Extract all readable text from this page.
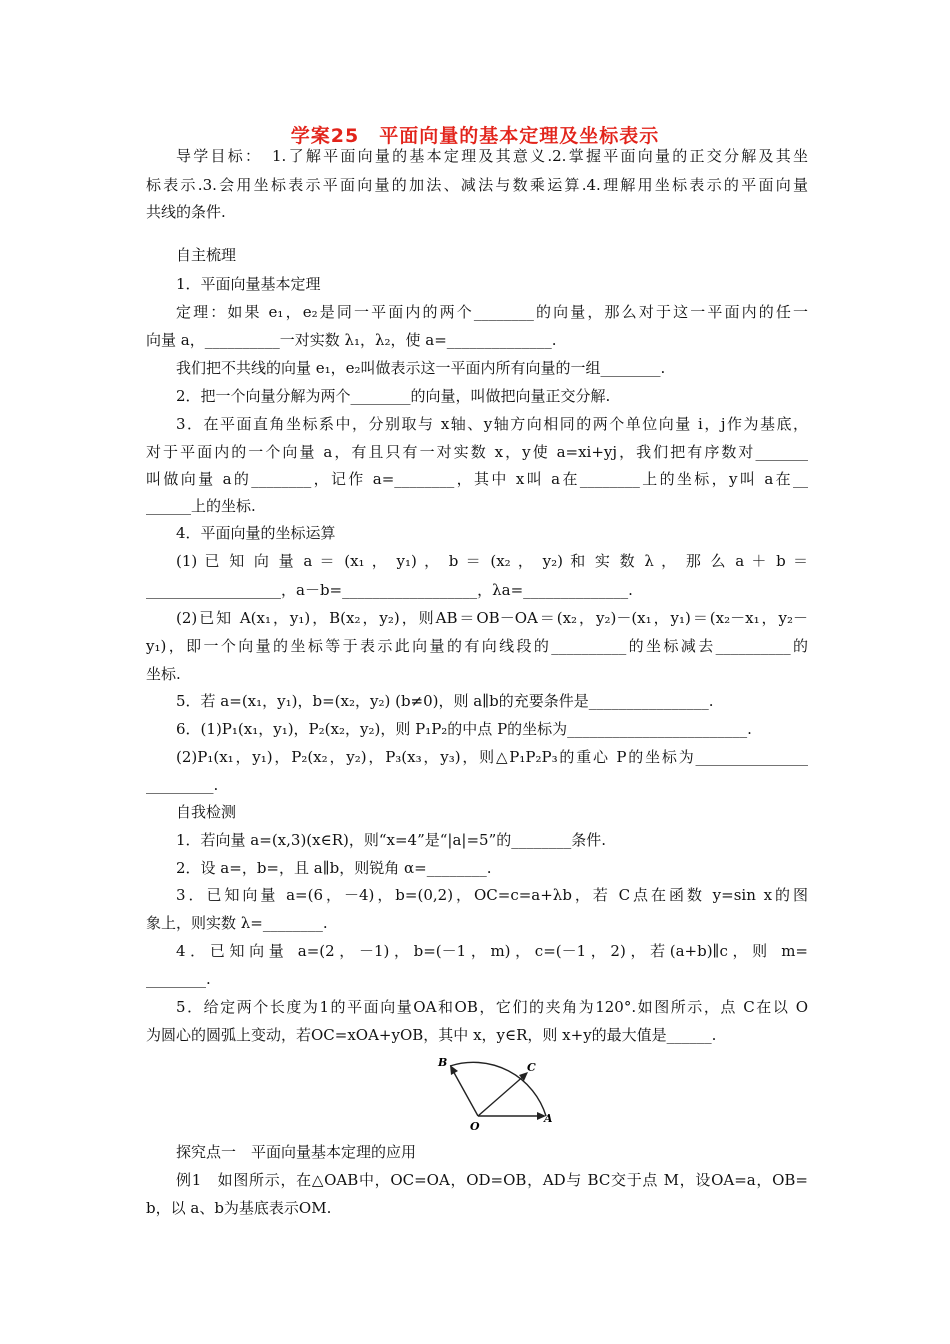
学案25　平面向量的基本定理及坐标表示
导学目标：　1.了解平面向量的基本定理及其意义.2.掌握平面向量的正交分解及其坐
标表示.3.会用坐标表示平面向量的加法、减法与数乘运算.4.理解用坐标表示的平面向量
共线的条件.
自主梳理
1．平面向量基本定理
定理：如果 e₁，e₂是同一平面内的两个________的向量，那么对于这一平面内的任一
向量 a，__________一对实数 λ₁，λ₂，使 a=______________.
我们把不共线的向量 e₁，e₂叫做表示这一平面内所有向量的一组________.
2．把一个向量分解为两个________的向量，叫做把向量正交分解.
3．在平面直角坐标系中，分别取与 x轴、y轴方向相同的两个单位向量 i，j作为基底，
对于平面内的一个向量 a，有且只有一对实数 x，y使 a=xi+yj，我们把有序数对_______
叫做向量 a的________，记作 a=________，其中 x叫 a在________上的坐标，y叫 a在__
______上的坐标.
4．平面向量的坐标运算
(1) 已 知 向 量 a ＝ (x₁ ， y₁) ， b ＝ (x₂ ， y₂) 和 实 数 λ ， 那 么 a ＋ b ＝
__________________，a－b=__________________，λa=______________.
(2)已知 A(x₁，y₁)，B(x₂，y₂)，则AB＝OB－OA＝(x₂，y₂)－(x₁，y₁)＝(x₂－x₁，y₂－
y₁)，即一个向量的坐标等于表示此向量的有向线段的__________的坐标减去__________的
坐标.
5．若 a=(x₁，y₁)，b=(x₂，y₂) (b≠0)，则 a∥b的充要条件是________________.
6．(1)P₁(x₁，y₁)，P₂(x₂，y₂)，则 P₁P₂的中点 P的坐标为________________________.
(2)P₁(x₁，y₁)，P₂(x₂，y₂)，P₃(x₃，y₃)，则△P₁P₂P₃的重心 P的坐标为_______________
_________.
自我检测
1．若向量 a=(x,3)(x∈R)，则“x=4”是“|a|=5”的________条件.
2．设 a=，b=，且 a∥b，则锐角 α=________.
3．已知向量 a=(6，－4)，b=(0,2)，OC=c=a+λb，若 C点在函数 y=sin x的图
象上，则实数 λ=________.
4．已知向量 a=(2，－1)，b=(－1，m)，c=(－1，2)，若(a+b)∥c，则 m=
________.
5．给定两个长度为1的平面向量OA和OB，它们的夹角为120°.如图所示，点 C在以 O
为圆心的圆弧上变动，若OC=xOA+yOB，其中 x，y∈R，则 x+y的最大值是______.
B	C
O
A
探究点一　平面向量基本定理的应用
例1　如图所示，在△OAB中，OC=OA，OD=OB，AD与 BC交于点 M，设OA=a，OB=
b，以 a、b为基底表示OM.
